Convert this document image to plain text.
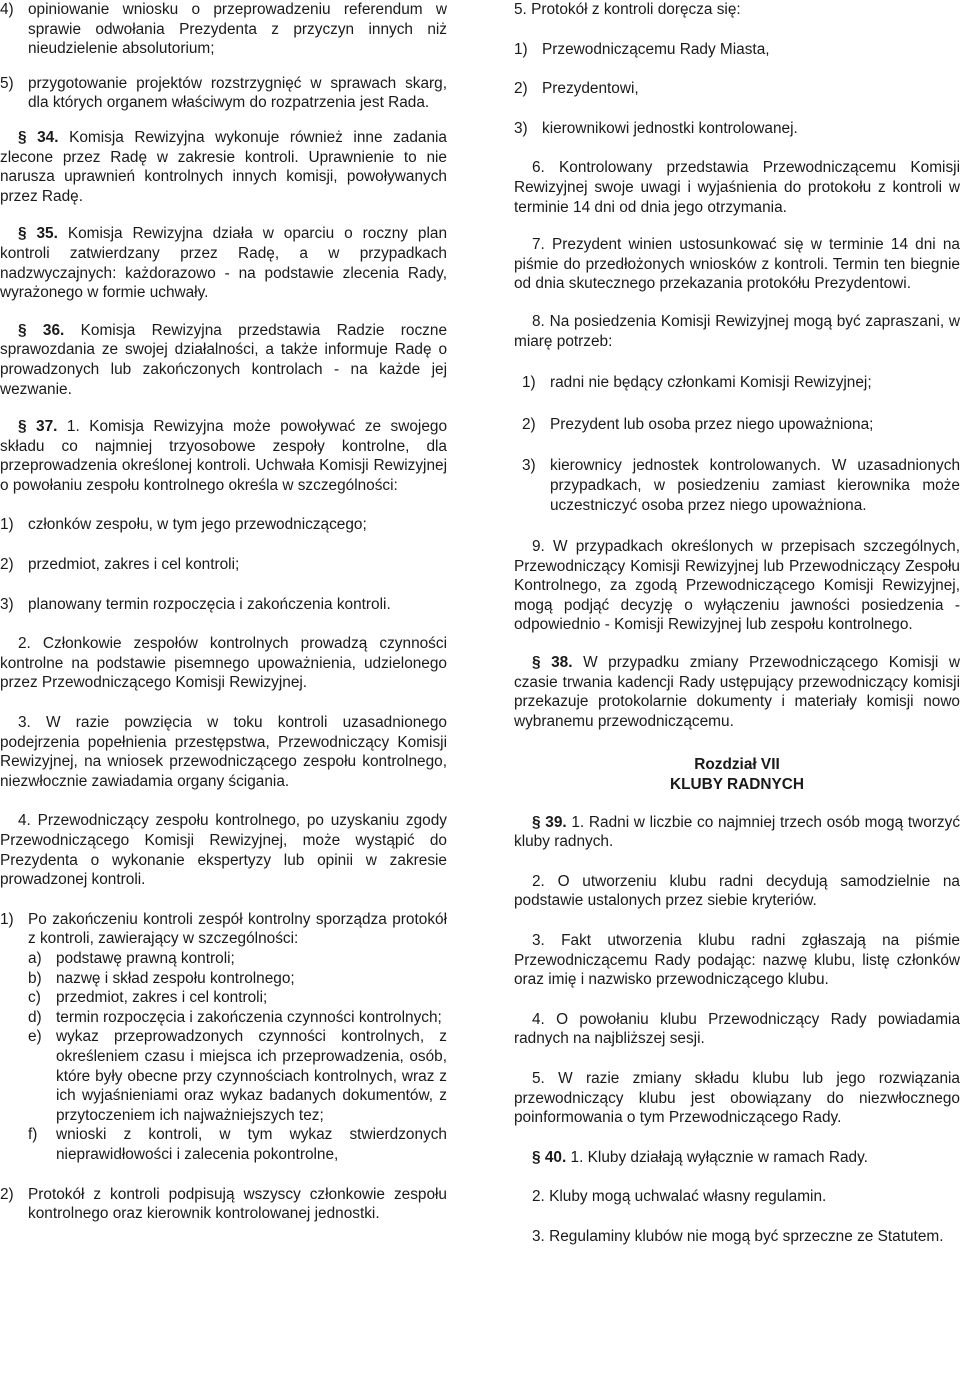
4) opiniowanie wniosku o przeprowadzeniu referendum w sprawie odwołania Prezydenta z przyczyn innych niż nieudzielenie absolutorium;
5) przygotowanie projektów rozstrzygnięć w sprawach skarg, dla których organem właściwym do rozpatrzenia jest Rada.

§ 34. Komisja Rewizyjna wykonuje również inne zadania zlecone przez Radę w zakresie kontroli. Uprawnienie to nie narusza uprawnień kontrolnych innych komisji, powoływanych przez Radę.

§ 35. Komisja Rewizyjna działa w oparciu o roczny plan kontroli zatwierdzany przez Radę, a w przypadkach nadzwyczajnych: każdorazowo - na podstawie zlecenia Rady, wyrażonego w formie uchwały.

§ 36. Komisja Rewizyjna przedstawia Radzie roczne sprawozdania ze swojej działalności, a także informuje Radę o prowadzonych lub zakończonych kontrolach - na każde jej wezwanie.

§ 37. 1. Komisja Rewizyjna może powoływać ze swojego składu co najmniej trzyosobowe zespoły kontrolne, dla przeprowadzenia określonej kontroli. Uchwała Komisji Rewizyjnej o powołaniu zespołu kontrolnego określa w szczególności:

1) członków zespołu, w tym jego przewodniczącego;
2) przedmiot, zakres i cel kontroli;
3) planowany termin rozpoczęcia i zakończenia kontroli.

2. Członkowie zespołów kontrolnych prowadzą czynności kontrolne na podstawie pisemnego upoważnienia, udzielonego przez Przewodniczącego Komisji Rewizyjnej.

3. W razie powzięcia w toku kontroli uzasadnionego podejrzenia popełnienia przestępstwa, Przewodniczący Komisji Rewizyjnej, na wniosek przewodniczącego zespołu kontrolnego, niezwłocznie zawiadamia organy ścigania.

4. Przewodniczący zespołu kontrolnego, po uzyskaniu zgody Przewodniczącego Komisji Rewizyjnej, może wystąpić do Prezydenta o wykonanie ekspertyzy lub opinii w zakresie prowadzonej kontroli.

1) Po zakończeniu kontroli zespół kontrolny sporządza protokół z kontroli, zawierający w szczególności:
a) podstawę prawną kontroli;
b) nazwę i skład zespołu kontrolnego;
c) przedmiot, zakres i cel kontroli;
d) termin rozpoczęcia i zakończenia czynności kontrolnych;
e) wykaz przeprowadzonych czynności kontrolnych, z określeniem czasu i miejsca ich przeprowadzenia, osób, które były obecne przy czynnościach kontrolnych, wraz z ich wyjaśnieniami oraz wykaz badanych dokumentów, z przytoczeniem ich najważniejszych tez;
f)	wnioski z kontroli, w tym wykaz stwierdzonych nieprawidłowości i zalecenia pokontrolne,
2) Protokół z kontroli podpisują wszyscy członkowie zespołu kontrolnego oraz kierownik kontrolowanej jednostki.

5. Protokół z kontroli doręcza się:

1) Przewodniczącemu Rady Miasta,
2) Prezydentowi,
3) kierownikowi jednostki kontrolowanej.

6. Kontrolowany przedstawia Przewodniczącemu Komisji Rewizyjnej swoje uwagi i wyjaśnienia do protokołu z kontroli w terminie 14 dni od dnia jego otrzymania.

7. Prezydent winien ustosunkować się w terminie 14 dni na piśmie do przedłożonych wniosków z kontroli. Termin ten biegnie od dnia skutecznego przekazania protokółu Prezydentowi.

8. Na posiedzenia Komisji Rewizyjnej mogą być zapraszani, w miarę potrzeb:

1) radni nie będący członkami Komisji Rewizyjnej;
2) Prezydent lub osoba przez niego upoważniona;
3) kierownicy jednostek kontrolowanych. W uzasadnionych przypadkach, w posiedzeniu zamiast kierownika może uczestniczyć osoba przez niego upoważniona.

9. W przypadkach określonych w przepisach szczególnych, Przewodniczący Komisji Rewizyjnej lub Przewodniczący Zespołu Kontrolnego, za zgodą Przewodniczącego Komisji Rewizyjnej, mogą podjąć decyzję o wyłączeniu jawności posiedzenia - odpowiednio - Komisji Rewizyjnej lub zespołu kontrolnego.

§ 38. W przypadku zmiany Przewodniczącego Komisji w czasie trwania kadencji Rady ustępujący przewodniczący komisji przekazuje protokolarnie dokumenty i materiały komisji nowo wybranemu przewodniczącemu.

Rozdział VII

KLUBY RADNYCH

§ 39. 1. Radni w liczbie co najmniej trzech osób mogą tworzyć kluby radnych.

2. O utworzeniu klubu radni decydują samodzielnie na podstawie ustalonych przez siebie kryteriów.

3. Fakt utworzenia klubu radni zgłaszają na piśmie Przewodniczącemu Rady podając: nazwę klubu, listę członków oraz imię i nazwisko przewodniczącego klubu.

4. O powołaniu klubu Przewodniczący Rady powiadamia radnych na najbliższej sesji.

5. W razie zmiany składu klubu lub jego rozwiązania przewodniczący klubu jest obowiązany do niezwłocznego poinformowania o tym Przewodniczącego Rady.

§ 40. 1. Kluby działają wyłącznie w ramach Rady.

2. Kluby mogą uchwalać własny regulamin.

3. Regulaminy klubów nie mogą być sprzeczne ze Statutem.
